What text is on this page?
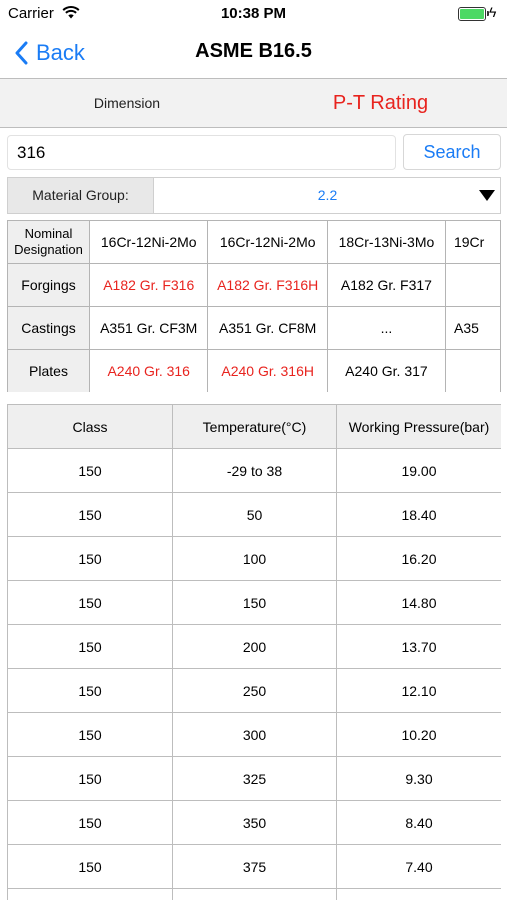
Carrier	10:38 PM	ϟ
Back	ASME B16.5
Dimension	P-T Rating
316
Search
Material Group:	2.2
Nominal
Designation	16Cr-12Ni-2Mo	16Cr-12Ni-2Mo	18Cr-13Ni-3Mo	19Cr
Forgings	A182 Gr. F316	A182 Gr. F316H	A182 Gr. F317	
Castings	A351 Gr. CF3M	A351 Gr. CF8M	...	A35
Plates	A240 Gr. 316	A240 Gr. 316H	A240 Gr. 317	
Class	Temperature(°C)	Working Pressure(bar)
150	-29 to 38	19.00
150	50	18.40
150	100	16.20
150	150	14.80
150	200	13.70
150	250	12.10
150	300	10.20
150	325	9.30
150	350	8.40
150	375	7.40
